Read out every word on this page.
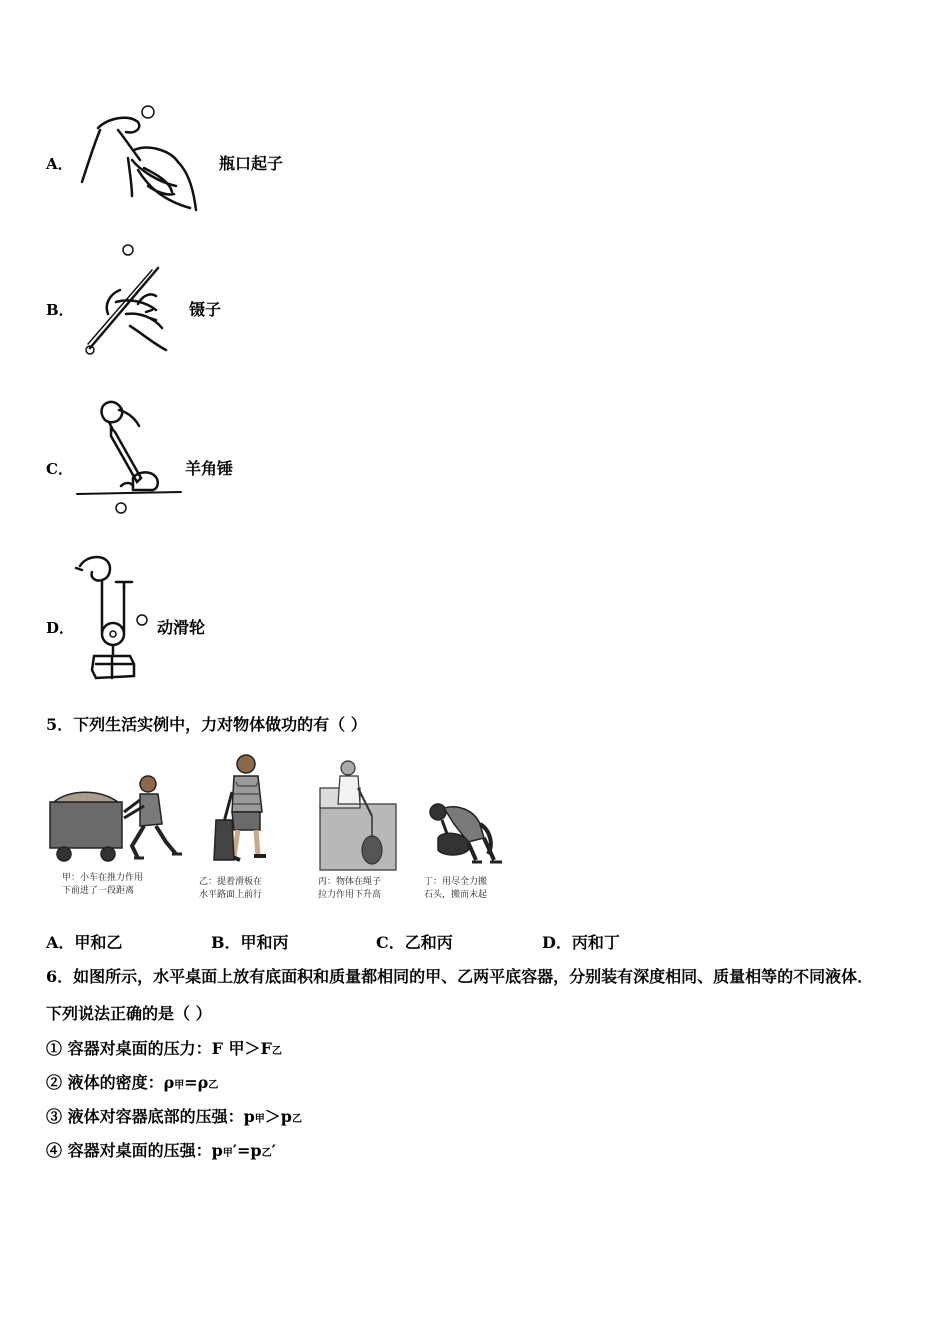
A．	瓶口起子
B．	镊子
C．	羊角锤
D．	动滑轮
5．下列生活实例中，力对物体做功的有（ ）
甲：小车在推力作用
下前进了一段距离
乙：提着滑板在
水平路面上前行
丙：物体在绳子
拉力作用下升高
丁：用尽全力搬
石头，搬而未起
A．甲和乙	B．甲和丙	C．乙和丙	D．丙和丁
6．如图所示，水平桌面上放有底面积和质量都相同的甲、乙两平底容器，分别装有深度相同、质量相等的不同液体．
下列说法正确的是（ ）
① 容器对桌面的压力：F 甲＞F乙
② 液体的密度：ρ甲=ρ乙
③ 液体对容器底部的压强：p甲＞p乙
④ 容器对桌面的压强：p甲′=p乙′
